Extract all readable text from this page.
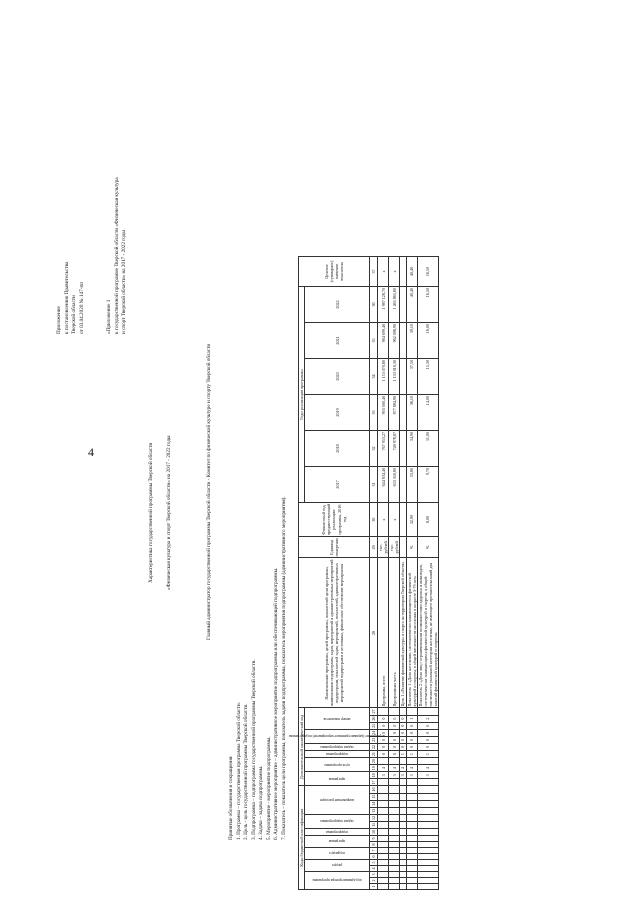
4
Приложение к постановлению Правительства Тверской области от 03.04.2020 № 147-пп	«Приложение 1 к государственной программе Тверской области «Физическая культура и спорт Тверской области» на 2017 - 2022 годы
Характеристика государственной программы Тверской области «Физическая культура и спорт Тверской области» на 2017 - 2022 годы	Главный администратор государственной программы Тверской области - Комитет по физической культуре и спорту Тверской области
Принятые обозначения и сокращения: 1. Программа – государственная программа Тверской области. 2. Цель - цель государственной программы Тверской области. 3. Подпрограмма – подпрограмма государственной программы Тверской области. 4. Задача – задача подпрограммы. 5. Мероприятие - мероприятие подпрограммы. 6. Административное мероприятие – административное мероприятие подпрограммы или обеспечивающей подпрограммы. 7. Показатель – показатель цели программы, показатель задачи подпрограммы, показатель мероприятия подпрограммы (административного мероприятия).	Коды бюджетной классификации																Дополнительный аналитический код											Наименование программы, целей программы, показателей цели программы, наименование подпрограмм, задач, мероприятий и административных мероприятий подпрограмм, показателей задач, мероприятий, показателей, административных мероприятий подпрограмм и источника, финансовое обеспечение мероприятия	Единица измерения	Финансовый год, предшествующий реализации программы, 2016 год	Годы реализации программы						Целевое (суммарное) значение показателя

код администратора программы			раздел		подраздел		программа		подпрограмма	задача подпрограммы		направление расходов				программа		цель программы		подпрограмма	задача подпрограммы	мероприятие (административное мероприятие) подпрограммы		номер показателя						2017	2018	2019	2020	2021	2022	
1	2	3	4	5	6	7	8	9	10	11	12	13	14	15	16	17	18	19	20	21	22	23	24	25	26	27	28	29	30	31	32	33	34	35	36	37
																	3	4		0	0	0	0	0	0		Программа, всего	тыс. рублей	х	644 834,40	767 953,27	903 000,40	1 153 070,80	984 699,40	1 987 128,70	х
																	3	4		0	0	0	0	0	0		Программная часть	тыс. рублей	х	633 350,80	749 978,87	877 884,90	1 133 010,30	962 098,90	1 465 865,80	х
																	3	4		1	0	0	0	0	0		Цель 1 «Развитие физической культуры и спорта на территории Тверской области»									
																	3	4		1	0	0	0	0	1		Показатель 1 «Доля населения, систематически занимающегося физической культурой и спортом, в общей численности населения в возрасте 3-79 лет»	%	32,90	33,80	34,90	36,10	37,50	39,10	40,40	40,40
																	3	4		1	0	0	0	0	2		Показатель 2 «Доля лиц с ограниченными возможностями здоровья и инвалидов, систематически занимающихся физической культурой и спортом, в общей численности указанной категории населения, не имеющего противопоказаний для занятий физической культурой и спортом»	%	8,00	9,70	11,00	14,00	15,30	16,00	16,50	16,50
